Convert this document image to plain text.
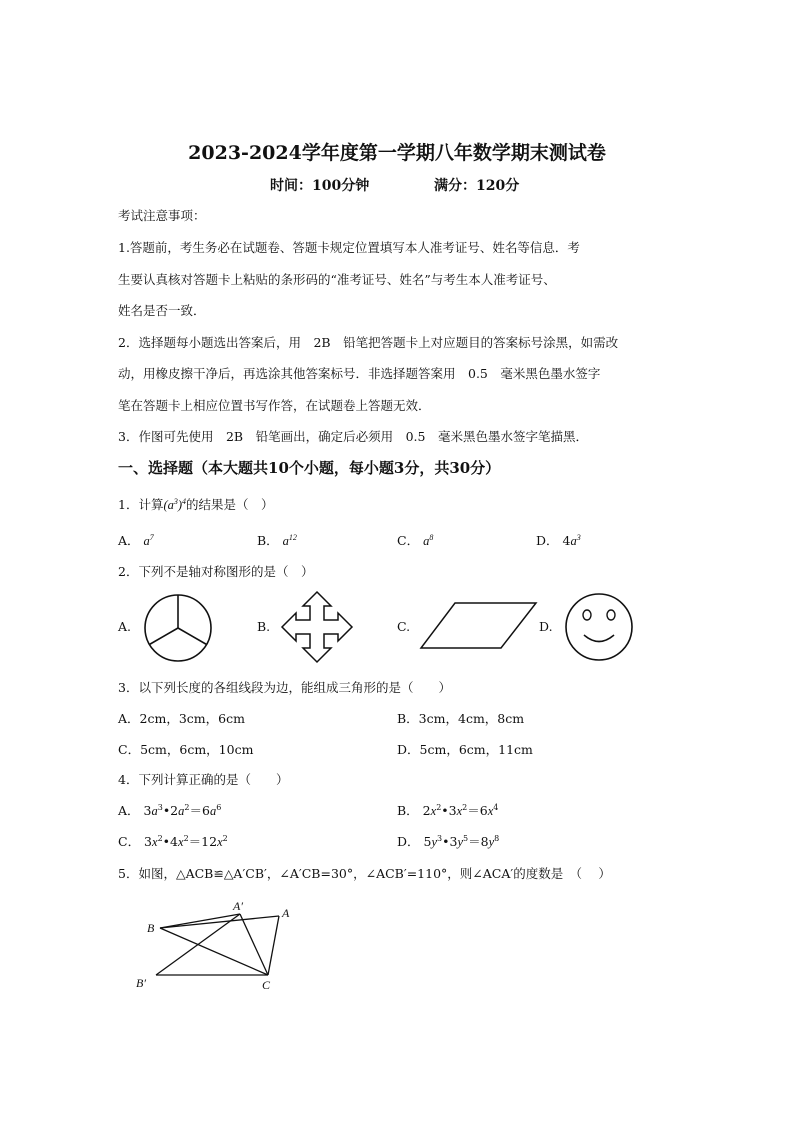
2023-2024学年度第一学期八年数学期末测试卷
时间：100分钟	满分：120分
考试注意事项：
1.答题前，考生务必在试题卷、答题卡规定位置填写本人准考证号、姓名等信息．考
生要认真核对答题卡上粘贴的条形码的“准考证号、姓名”与考生本人准考证号、
姓名是否一致．
2．选择题每小题选出答案后，用　2B　铅笔把答题卡上对应题目的答案标号涂黑，如需改
动，用橡皮擦干净后，再选涂其他答案标号．非选择题答案用　0.5　毫米黑色墨水签字
笔在答题卡上相应位置书写作答，在试题卷上答题无效．
3．作图可先使用　2B　铅笔画出，确定后必须用　0.5　毫米黑色墨水签字笔描黑．
一、选择题（本大题共10个小题，每小题3分，共30分）
1．计算$(a^3)^4$的结果是（　）
A． $a^7$	B． $a^{12}$	C． $a^8$	D． $4a^3$
2．下列不是轴对称图形的是（　）
A.	B.	C.	D.
3．以下列长度的各组线段为边，能组成三角形的是（　　）
A．2cm，3cm，6cm	B．3cm，4cm，8cm
C．5cm，6cm，10cm	D．5cm，6cm，11cm
4．下列计算正确的是（　　）
A． $3a^3•2a^2=6a^6$	B． $2x^2•3x^2=6x^4$
C． $3x^2•4x^2=12x^2$	D． $5y^3•3y^5=8y^8$
5．如图，△ACB≌△A′CB′，∠A′CB=30°，∠ACB′=110°，则∠ACA′的度数是　（　 ）
B
A
A′
B′	C
